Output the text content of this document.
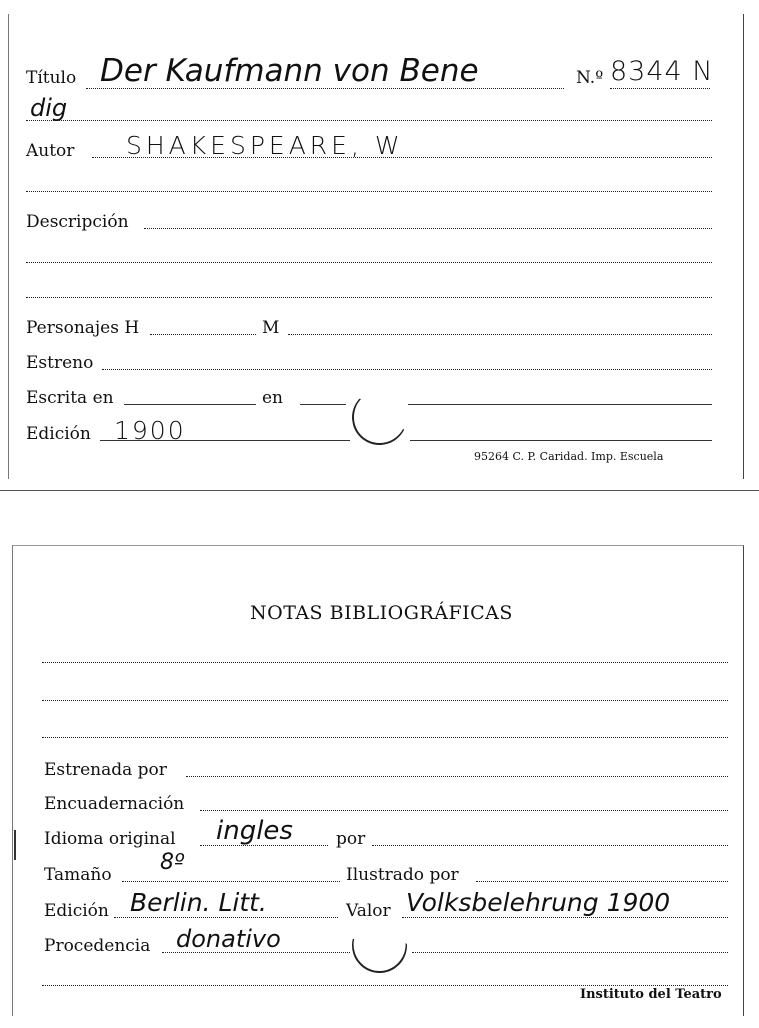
Título Der Kaufmann von Bene	N.º 8344 N
dig
Autor SHAKESPEARE, W
Descripción
Personajes H	M
Estreno
Escrita en	en
Edición 1900
95264 C. P. Caridad. Imp. Escuela
NOTAS BIBLIOGRÁFICAS
Estrenada por
Encuadernación
Idioma original ingles	por
Tamaño 8º	Ilustrado por
Edición Berlin. Litt.	Valor Volksbelehrung 1900
Procedencia donativo
Instituto del Teatro
